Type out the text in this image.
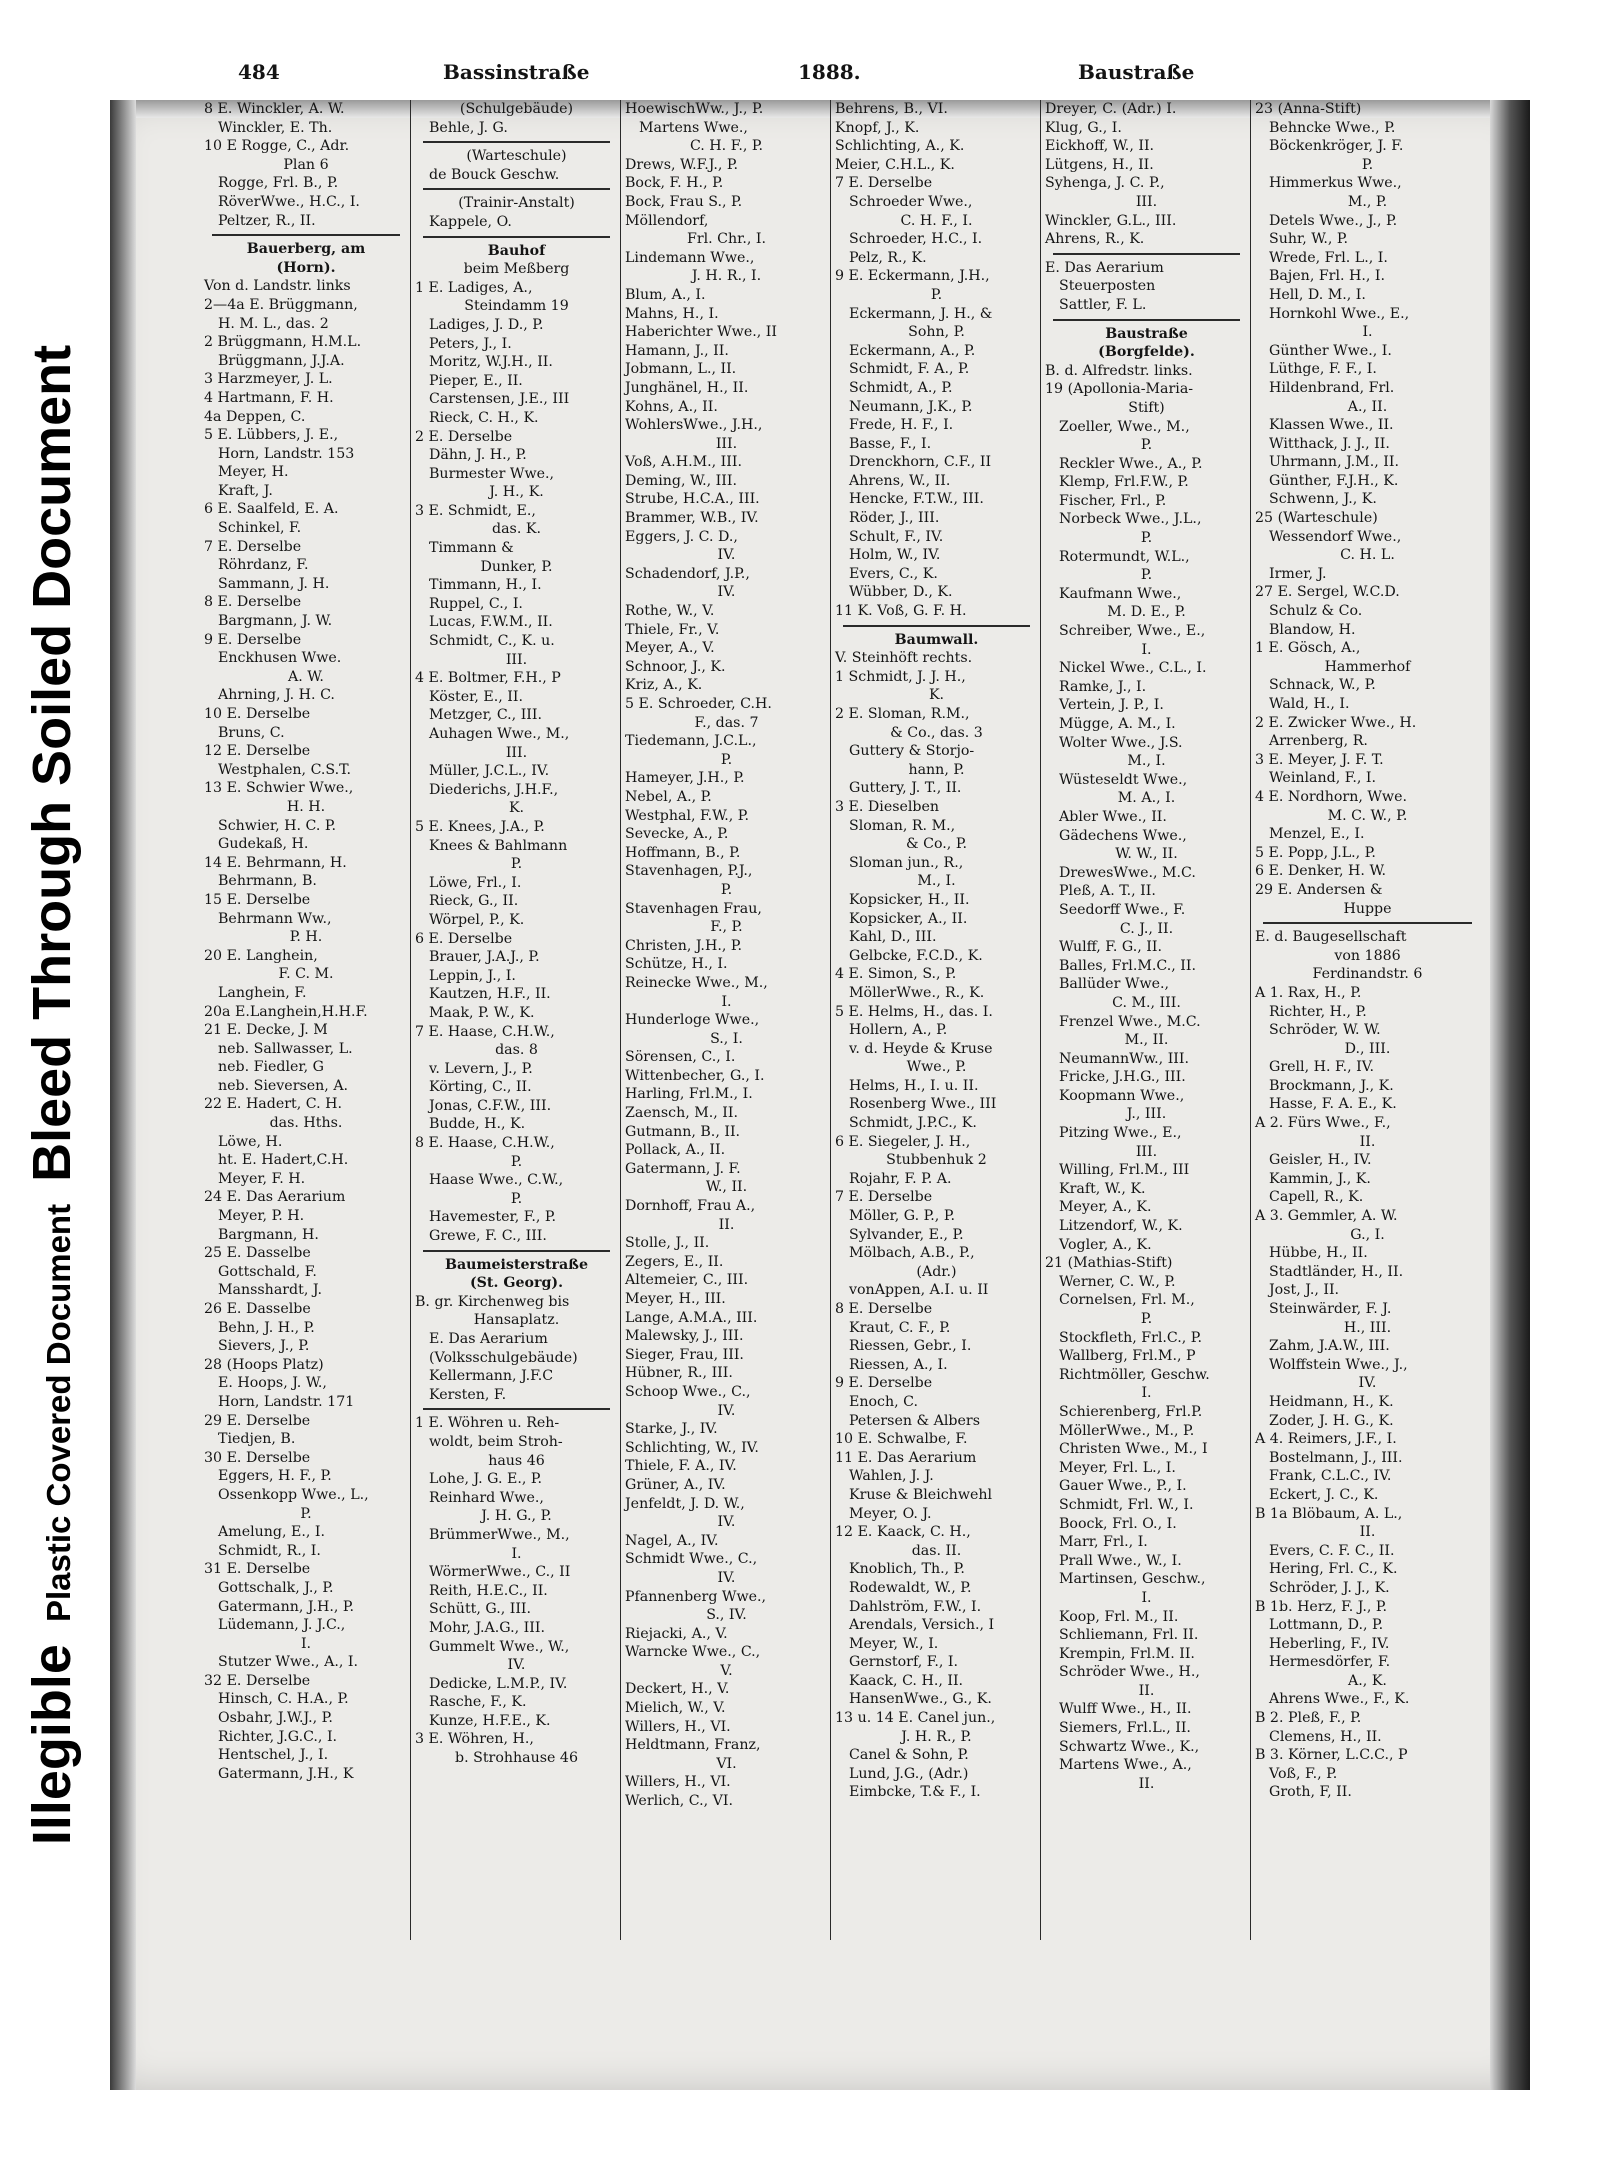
IllegiblePlastic Covered DocumentBleed Through Soiled Document
484	Bassinstraße	1888.	Baustraße
8 E. Winckler, A. W.
Winckler, E. Th.
10 E Rogge, C., Adr.
Plan 6
Rogge, Frl. B., P.
RöverWwe., H.C., I.
Peltzer, R., II.
Bauerberg, am
(Horn).
Von d. Landstr. links
2—4a E. Brüggmann,
H. M. L., das. 2
2 Brüggmann, H.M.L.
Brüggmann, J.J.A.
3 Harzmeyer, J. L.
4 Hartmann, F. H.
4a Deppen, C.
5 E. Lübbers, J. E.,
Horn, Landstr. 153
Meyer, H.
Kraft, J.
6 E. Saalfeld, E. A.
Schinkel, F.
7 E. Derselbe
Röhrdanz, F.
Sammann, J. H.
8 E. Derselbe
Bargmann, J. W.
9 E. Derselbe
Enckhusen Wwe.
A. W.
Ahrning, J. H. C.
10 E. Derselbe
Bruns, C.
12 E. Derselbe
Westphalen, C.S.T.
13 E. Schwier Wwe.,
H. H.
Schwier, H. C. P.
Gudekaß, H.
14 E. Behrmann, H.
Behrmann, B.
15 E. Derselbe
Behrmann Ww.,
P. H.
20 E. Langhein,
F. C. M.
Langhein, F.
20a E.Langhein,H.H.F.
21 E. Decke, J. M
neb. Sallwasser, L.
neb. Fiedler, G
neb. Sieversen, A.
22 E. Hadert, C. H.
das. Hths.
Löwe, H.
ht. E. Hadert,C.H.
Meyer, F. H.
24 E. Das Aerarium
Meyer, P. H.
Bargmann, H.
25 E. Dasselbe
Gottschald, F.
Mansshardt, J.
26 E. Dasselbe
Behn, J. H., P.
Sievers, J., P.
28 (Hoops Platz)
E. Hoops, J. W.,
Horn, Landstr. 171
29 E. Derselbe
Tiedjen, B.
30 E. Derselbe
Eggers, H. F., P.
Ossenkopp Wwe., L.,
P.
Amelung, E., I.
Schmidt, R., I.
31 E. Derselbe
Gottschalk, J., P.
Gatermann, J.H., P.
Lüdemann, J. J.C.,
I.
Stutzer Wwe., A., I.
32 E. Derselbe
Hinsch, C. H.A., P.
Osbahr, J.W.J., P.
Richter, J.G.C., I.
Hentschel, J., I.
Gatermann, J.H., K
(Schulgebäude)
Behle, J. G.
(Warteschule)
de Bouck Geschw.
(Trainir-Anstalt)
Kappele, O.
Bauhof
beim Meßberg
1 E. Ladiges, A.,
Steindamm 19
Ladiges, J. D., P.
Peters, J., I.
Moritz, W.J.H., II.
Pieper, E., II.
Carstensen, J.E., III
Rieck, C. H., K.
2 E. Derselbe
Dähn, J. H., P.
Burmester Wwe.,
J. H., K.
3 E. Schmidt, E.,
das. K.
Timmann &
Dunker, P.
Timmann, H., I.
Ruppel, C., I.
Lucas, F.W.M., II.
Schmidt, C., K. u.
III.
4 E. Boltmer, F.H., P
Köster, E., II.
Metzger, C., III.
Auhagen Wwe., M.,
III.
Müller, J.C.L., IV.
Diederichs, J.H.F.,
K.
5 E. Knees, J.A., P.
Knees & Bahlmann
P.
Löwe, Frl., I.
Rieck, G., II.
Wörpel, P., K.
6 E. Derselbe
Brauer, J.A.J., P.
Leppin, J., I.
Kautzen, H.F., II.
Maak, P. W., K.
7 E. Haase, C.H.W.,
das. 8
v. Levern, J., P.
Körting, C., II.
Jonas, C.F.W., III.
Budde, H., K.
8 E. Haase, C.H.W.,
P.
Haase Wwe., C.W.,
P.
Havemester, F., P.
Grewe, F. C., III.
Baumeisterstraße
(St. Georg).
B. gr. Kirchenweg bis
Hansaplatz.
E. Das Aerarium
(Volksschulgebäude)
Kellermann, J.F.C
Kersten, F.
1 E. Wöhren u. Reh-
woldt, beim Stroh-
haus 46
Lohe, J. G. E., P.
Reinhard Wwe.,
J. H. G., P.
BrümmerWwe., M.,
I.
WörmerWwe., C., II
Reith, H.E.C., II.
Schütt, G., III.
Mohr, J.A.G., III.
Gummelt Wwe., W.,
IV.
Dedicke, L.M.P., IV.
Rasche, F., K.
Kunze, H.F.E., K.
3 E. Wöhren, H.,
b. Strohhause 46
HoewischWw., J., P.
Martens Wwe.,
C. H. F., P.
Drews, W.F.J., P.
Bock, F. H., P.
Bock, Frau S., P.
Möllendorf,
Frl. Chr., I.
Lindemann Wwe.,
J. H. R., I.
Blum, A., I.
Mahns, H., I.
Haberichter Wwe., II
Hamann, J., II.
Jobmann, L., II.
Junghänel, H., II.
Kohns, A., II.
WohlersWwe., J.H.,
III.
Voß, A.H.M., III.
Deming, W., III.
Strube, H.C.A., III.
Brammer, W.B., IV.
Eggers, J. C. D.,
IV.
Schadendorf, J.P.,
IV.
Rothe, W., V.
Thiele, Fr., V.
Meyer, A., V.
Schnoor, J., K.
Kriz, A., K.
5 E. Schroeder, C.H.
F., das. 7
Tiedemann, J.C.L.,
P.
Hameyer, J.H., P.
Nebel, A., P.
Westphal, F.W., P.
Sevecke, A., P.
Hoffmann, B., P.
Stavenhagen, P.J.,
P.
Stavenhagen Frau,
F., P.
Christen, J.H., P.
Schütze, H., I.
Reinecke Wwe., M.,
I.
Hunderloge Wwe.,
S., I.
Sörensen, C., I.
Wittenbecher, G., I.
Harling, Frl.M., I.
Zaensch, M., II.
Gutmann, B., II.
Pollack, A., II.
Gatermann, J. F.
W., II.
Dornhoff, Frau A.,
II.
Stolle, J., II.
Zegers, E., II.
Altemeier, C., III.
Meyer, H., III.
Lange, A.M.A., III.
Malewsky, J., III.
Sieger, Frau, III.
Hübner, R., III.
Schoop Wwe., C.,
IV.
Starke, J., IV.
Schlichting, W., IV.
Thiele, F. A., IV.
Grüner, A., IV.
Jenfeldt, J. D. W.,
IV.
Nagel, A., IV.
Schmidt Wwe., C.,
IV.
Pfannenberg Wwe.,
S., IV.
Riejacki, A., V.
Warncke Wwe., C.,
V.
Deckert, H., V.
Mielich, W., V.
Willers, H., VI.
Heldtmann, Franz,
VI.
Willers, H., VI.
Werlich, C., VI.
Behrens, B., VI.
Knopf, J., K.
Schlichting, A., K.
Meier, C.H.L., K.
7 E. Derselbe
Schroeder Wwe.,
C. H. F., I.
Schroeder, H.C., I.
Pelz, R., K.
9 E. Eckermann, J.H.,
P.
Eckermann, J. H., &
Sohn, P.
Eckermann, A., P.
Schmidt, F. A., P.
Schmidt, A., P.
Neumann, J.K., P.
Frede, H. F., I.
Basse, F., I.
Drenckhorn, C.F., II
Ahrens, W., II.
Hencke, F.T.W., III.
Röder, J., III.
Schult, F., IV.
Holm, W., IV.
Evers, C., K.
Wübber, D., K.
11 K. Voß, G. F. H.
Baumwall.
V. Steinhöft rechts.
1 Schmidt, J. J. H.,
K.
2 E. Sloman, R.M.,
& Co., das. 3
Guttery & Storjo-
hann, P.
Guttery, J. T., II.
3 E. Dieselben
Sloman, R. M.,
& Co., P.
Sloman jun., R.,
M., I.
Kopsicker, H., II.
Kopsicker, A., II.
Kahl, D., III.
Gelbcke, F.C.D., K.
4 E. Simon, S., P.
MöllerWwe., R., K.
5 E. Helms, H., das. I.
Hollern, A., P.
v. d. Heyde & Kruse
Wwe., P.
Helms, H., I. u. II.
Rosenberg Wwe., III
Schmidt, J.P.C., K.
6 E. Siegeler, J. H.,
Stubbenhuk 2
Rojahr, F. P. A.
7 E. Derselbe
Möller, G. P., P.
Sylvander, E., P.
Mölbach, A.B., P.,
(Adr.)
vonAppen, A.I. u. II
8 E. Derselbe
Kraut, C. F., P.
Riessen, Gebr., I.
Riessen, A., I.
9 E. Derselbe
Enoch, C.
Petersen & Albers
10 E. Schwalbe, F.
11 E. Das Aerarium
Wahlen, J. J.
Kruse & Bleichwehl
Meyer, O. J.
12 E. Kaack, C. H.,
das. II.
Knoblich, Th., P.
Rodewaldt, W., P.
Dahlström, F.W., I.
Arendals, Versich., I
Meyer, W., I.
Gernstorf, F., I.
Kaack, C. H., II.
HansenWwe., G., K.
13 u. 14 E. Canel jun.,
J. H. R., P.
Canel & Sohn, P.
Lund, J.G., (Adr.)
Eimbcke, T.& F., I.
Dreyer, C. (Adr.) I.
Klug, G., I.
Eickhoff, W., II.
Lütgens, H., II.
Syhenga, J. C. P.,
III.
Winckler, G.L., III.
Ahrens, R., K.
E. Das Aerarium
Steuerposten
Sattler, F. L.
Baustraße
(Borgfelde).
B. d. Alfredstr. links.
19 (Apollonia-Maria-
Stift)
Zoeller, Wwe., M.,
P.
Reckler Wwe., A., P.
Klemp, Frl.F.W., P.
Fischer, Frl., P.
Norbeck Wwe., J.L.,
P.
Rotermundt, W.L.,
P.
Kaufmann Wwe.,
M. D. E., P.
Schreiber, Wwe., E.,
I.
Nickel Wwe., C.L., I.
Ramke, J., I.
Vertein, J. P., I.
Mügge, A. M., I.
Wolter Wwe., J.S.
M., I.
Wüsteseldt Wwe.,
M. A., I.
Abler Wwe., II.
Gädechens Wwe.,
W. W., II.
DrewesWwe., M.C.
Pleß, A. T., II.
Seedorff Wwe., F.
C. J., II.
Wulff, F. G., II.
Balles, Frl.M.C., II.
Ballüder Wwe.,
C. M., III.
Frenzel Wwe., M.C.
M., II.
NeumannWw., III.
Fricke, J.H.G., III.
Koopmann Wwe.,
J., III.
Pitzing Wwe., E.,
III.
Willing, Frl.M., III
Kraft, W., K.
Meyer, A., K.
Litzendorf, W., K.
Vogler, A., K.
21 (Mathias-Stift)
Werner, C. W., P.
Cornelsen, Frl. M.,
P.
Stockfleth, Frl.C., P.
Wallberg, Frl.M., P
Richtmöller, Geschw.
I.
Schierenberg, Frl.P.
MöllerWwe., M., P.
Christen Wwe., M., I
Meyer, Frl. L., I.
Gauer Wwe., P., I.
Schmidt, Frl. W., I.
Boock, Frl. O., I.
Marr, Frl., I.
Prall Wwe., W., I.
Martinsen, Geschw.,
I.
Koop, Frl. M., II.
Schliemann, Frl. II.
Krempin, Frl.M. II.
Schröder Wwe., H.,
II.
Wulff Wwe., H., II.
Siemers, Frl.L., II.
Schwartz Wwe., K.,
Martens Wwe., A.,
II.
23 (Anna-Stift)
Behncke Wwe., P.
Böckenkröger, J. F.
P.
Himmerkus Wwe.,
M., P.
Detels Wwe., J., P.
Suhr, W., P.
Wrede, Frl. L., I.
Bajen, Frl. H., I.
Hell, D. M., I.
Hornkohl Wwe., E.,
I.
Günther Wwe., I.
Lüthge, F. F., I.
Hildenbrand, Frl.
A., II.
Klassen Wwe., II.
Witthack, J. J., II.
Uhrmann, J.M., II.
Günther, F.J.H., K.
Schwenn, J., K.
25 (Warteschule)
Wessendorf Wwe.,
C. H. L.
Irmer, J.
27 E. Sergel, W.C.D.
Schulz & Co.
Blandow, H.
1 E. Gösch, A.,
Hammerhof
Schnack, W., P.
Wald, H., I.
2 E. Zwicker Wwe., H.
Arrenberg, R.
3 E. Meyer, J. F. T.
Weinland, F., I.
4 E. Nordhorn, Wwe.
M. C. W., P.
Menzel, E., I.
5 E. Popp, J.L., P.
6 E. Denker, H. W.
29 E. Andersen &
Huppe
E. d. Baugesellschaft
von 1886
Ferdinandstr. 6
A 1. Rax, H., P.
Richter, H., P.
Schröder, W. W.
D., III.
Grell, H. F., IV.
Brockmann, J., K.
Hasse, F. A. E., K.
A 2. Fürs Wwe., F.,
II.
Geisler, H., IV.
Kammin, J., K.
Capell, R., K.
A 3. Gemmler, A. W.
G., I.
Hübbe, H., II.
Stadtländer, H., II.
Jost, J., II.
Steinwärder, F. J.
H., III.
Zahm, J.A.W., III.
Wolffstein Wwe., J.,
IV.
Heidmann, H., K.
Zoder, J. H. G., K.
A 4. Reimers, J.F., I.
Bostelmann, J., III.
Frank, C.L.C., IV.
Eckert, J. C., K.
B 1a Blöbaum, A. L.,
II.
Evers, C. F. C., II.
Hering, Frl. C., K.
Schröder, J. J., K.
B 1b. Herz, F. J., P.
Lottmann, D., P.
Heberling, F., IV.
Hermesdörfer, F.
A., K.
Ahrens Wwe., F., K.
B 2. Pleß, F., P.
Clemens, H., II.
B 3. Körner, L.C.C., P
Voß, F., P.
Groth, F, II.
